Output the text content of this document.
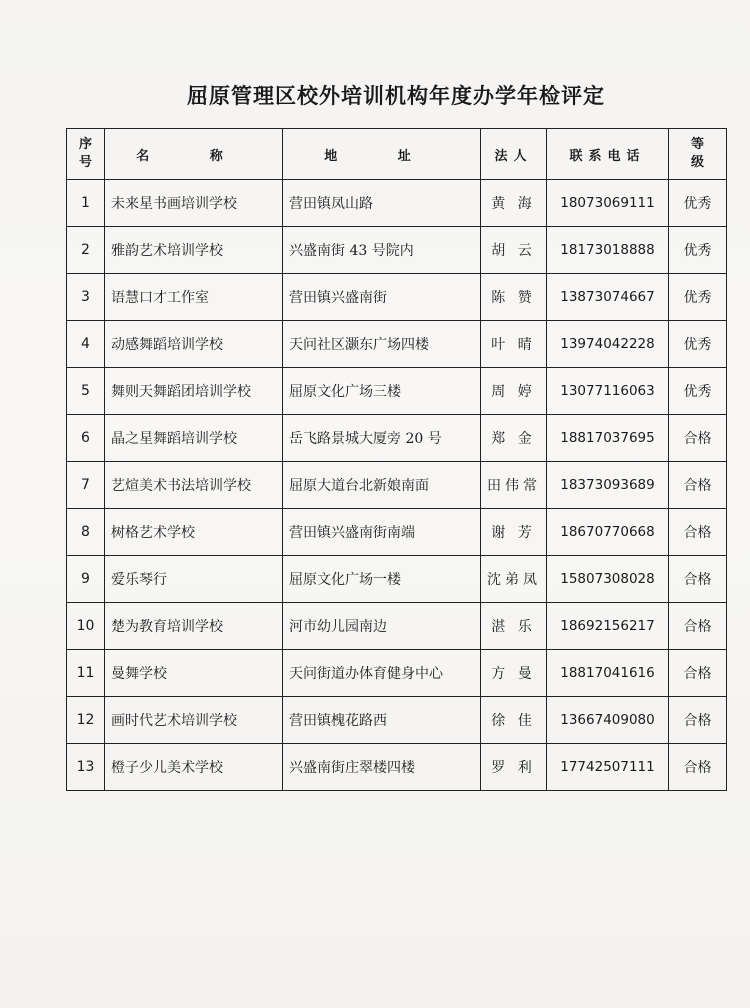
屈原管理区校外培训机构年度办学年检评定
序
号	名 称	地 址	法人	联系电话	等
级
1	未来星书画培训学校	营田镇凤山路	黄 海	18073069111	优秀
2	雅韵艺术培训学校	兴盛南街 43 号院内	胡 云	18173018888	优秀
3	语慧口才工作室	营田镇兴盛南街	陈 赞	13873074667	优秀
4	动感舞蹈培训学校	天问社区灏东广场四楼	叶 晴	13974042228	优秀
5	舞则天舞蹈团培训学校	屈原文化广场三楼	周 婷	13077116063	优秀
6	晶之星舞蹈培训学校	岳飞路景城大厦旁 20 号	郑 金	18817037695	合格
7	艺煊美术书法培训学校	屈原大道台北新娘南面	田伟常	18373093689	合格
8	树格艺术学校	营田镇兴盛南街南端	谢 芳	18670770668	合格
9	爱乐琴行	屈原文化广场一楼	沈弟凤	15807308028	合格
10	楚为教育培训学校	河市幼儿园南边	湛 乐	18692156217	合格
11	曼舞学校	天问街道办体育健身中心	方 曼	18817041616	合格
12	画时代艺术培训学校	营田镇槐花路西	徐 佳	13667409080	合格
13	橙子少儿美术学校	兴盛南街庄翠楼四楼	罗 利	17742507111	合格
